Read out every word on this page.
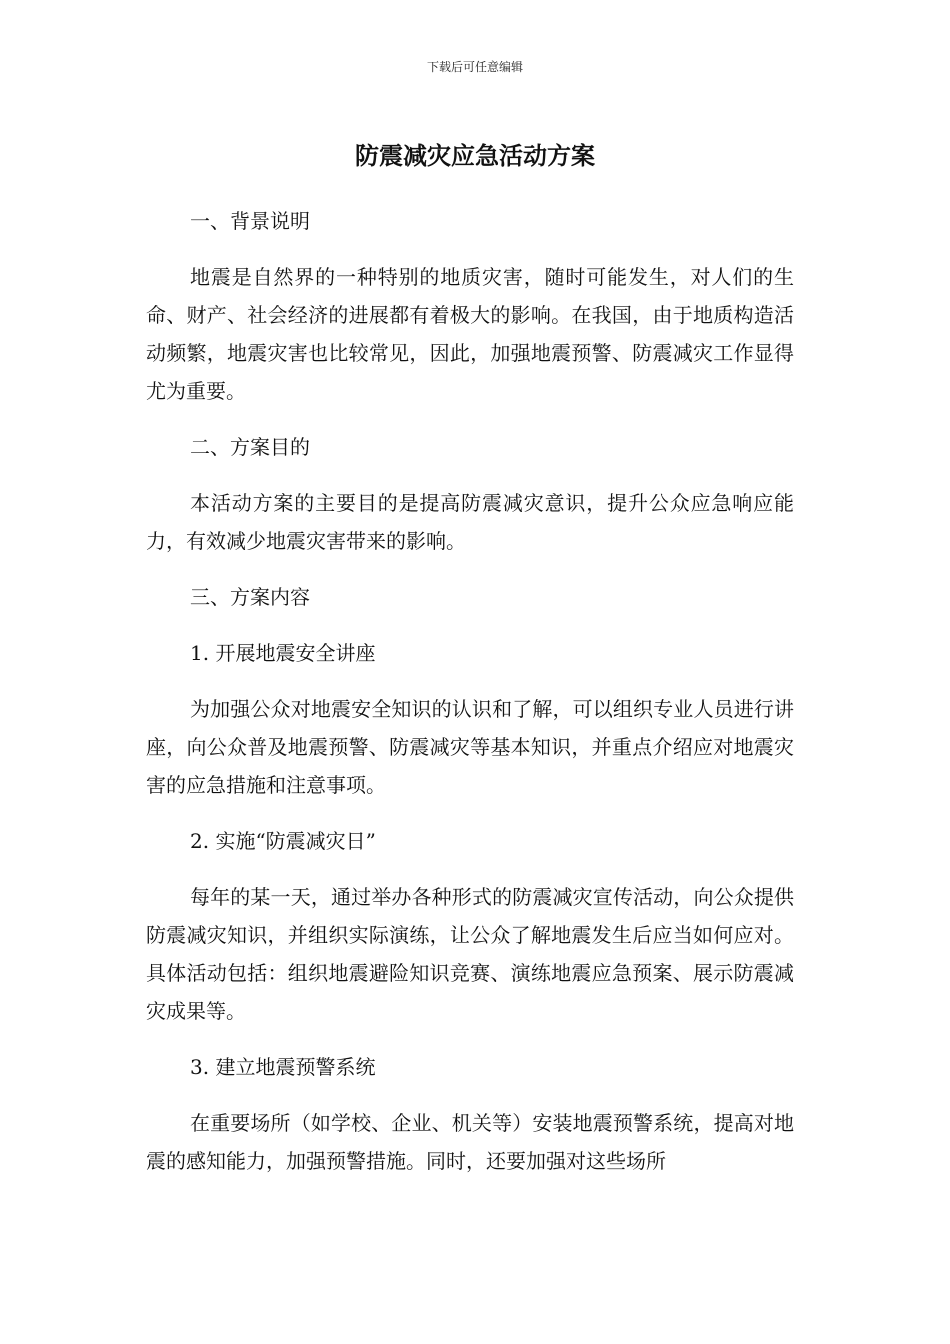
下载后可任意编辑
防震减灾应急活动方案

一、背景说明

地震是自然界的一种特别的地质灾害，随时可能发生，对人们的生命、财产、社会经济的进展都有着极大的影响。在我国，由于地质构造活动频繁，地震灾害也比较常见，因此，加强地震预警、防震减灾工作显得尤为重要。

二、方案目的

本活动方案的主要目的是提高防震减灾意识，提升公众应急响应能力，有效减少地震灾害带来的影响。

三、方案内容

1. 开展地震安全讲座

为加强公众对地震安全知识的认识和了解，可以组织专业人员进行讲座，向公众普及地震预警、防震减灾等基本知识，并重点介绍应对地震灾害的应急措施和注意事项。

2. 实施“防震减灾日”

每年的某一天，通过举办各种形式的防震减灾宣传活动，向公众提供防震减灾知识，并组织实际演练，让公众了解地震发生后应当如何应对。具体活动包括：组织地震避险知识竞赛、演练地震应急预案、展示防震减灾成果等。

3. 建立地震预警系统

在重要场所（如学校、企业、机关等）安装地震预警系统，提高对地震的感知能力，加强预警措施。同时，还要加强对这些场所
